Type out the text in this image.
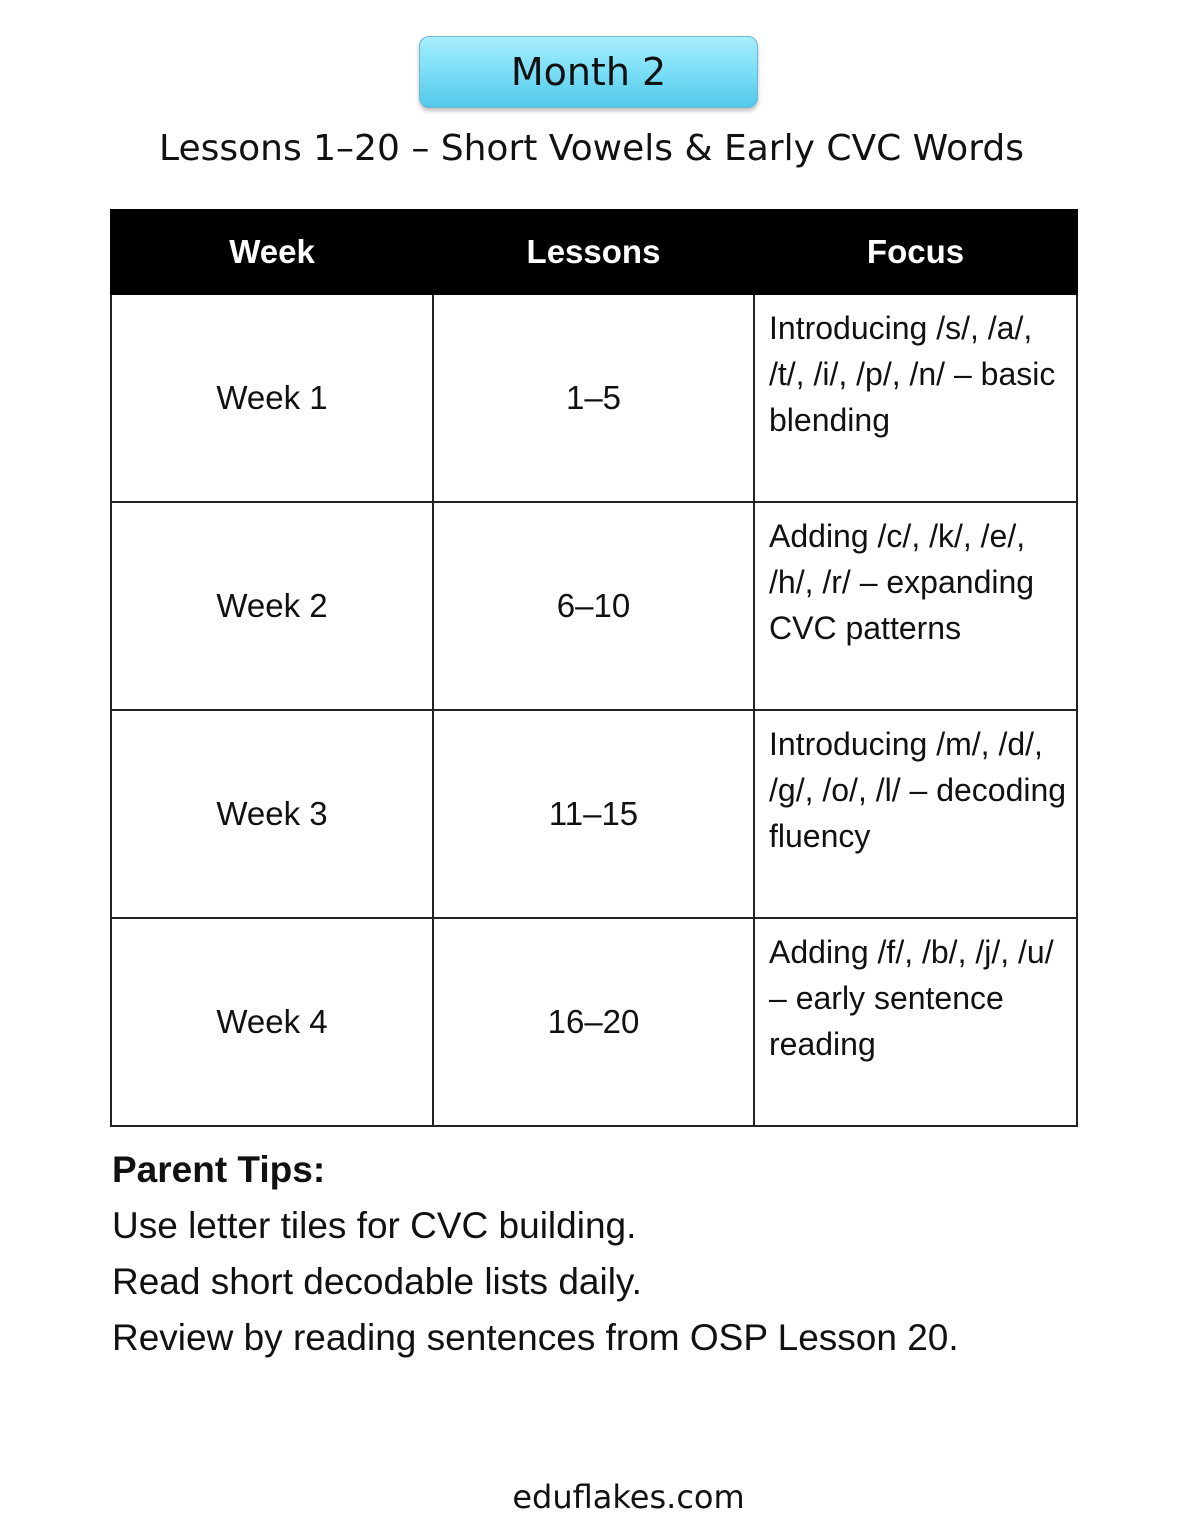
Month 2
Lessons 1–20 – Short Vowels & Early CVC Words
Week	Lessons	Focus
Week 1	1–5	Introducing /s/, /a/, /t/, /i/, /p/, /n/ – basic blending
Week 2	6–10	Adding /c/, /k/, /e/, /h/, /r/ – expanding CVC patterns
Week 3	11–15	Introducing /m/, /d/, /g/, /o/, /l/ – decoding fluency
Week 4	16–20	Adding /f/, /b/, /j/, /u/ – early sentence reading
Parent Tips:
Use letter tiles for CVC building.
Read short decodable lists daily.
Review by reading sentences from OSP Lesson 20.
eduflakes.com
